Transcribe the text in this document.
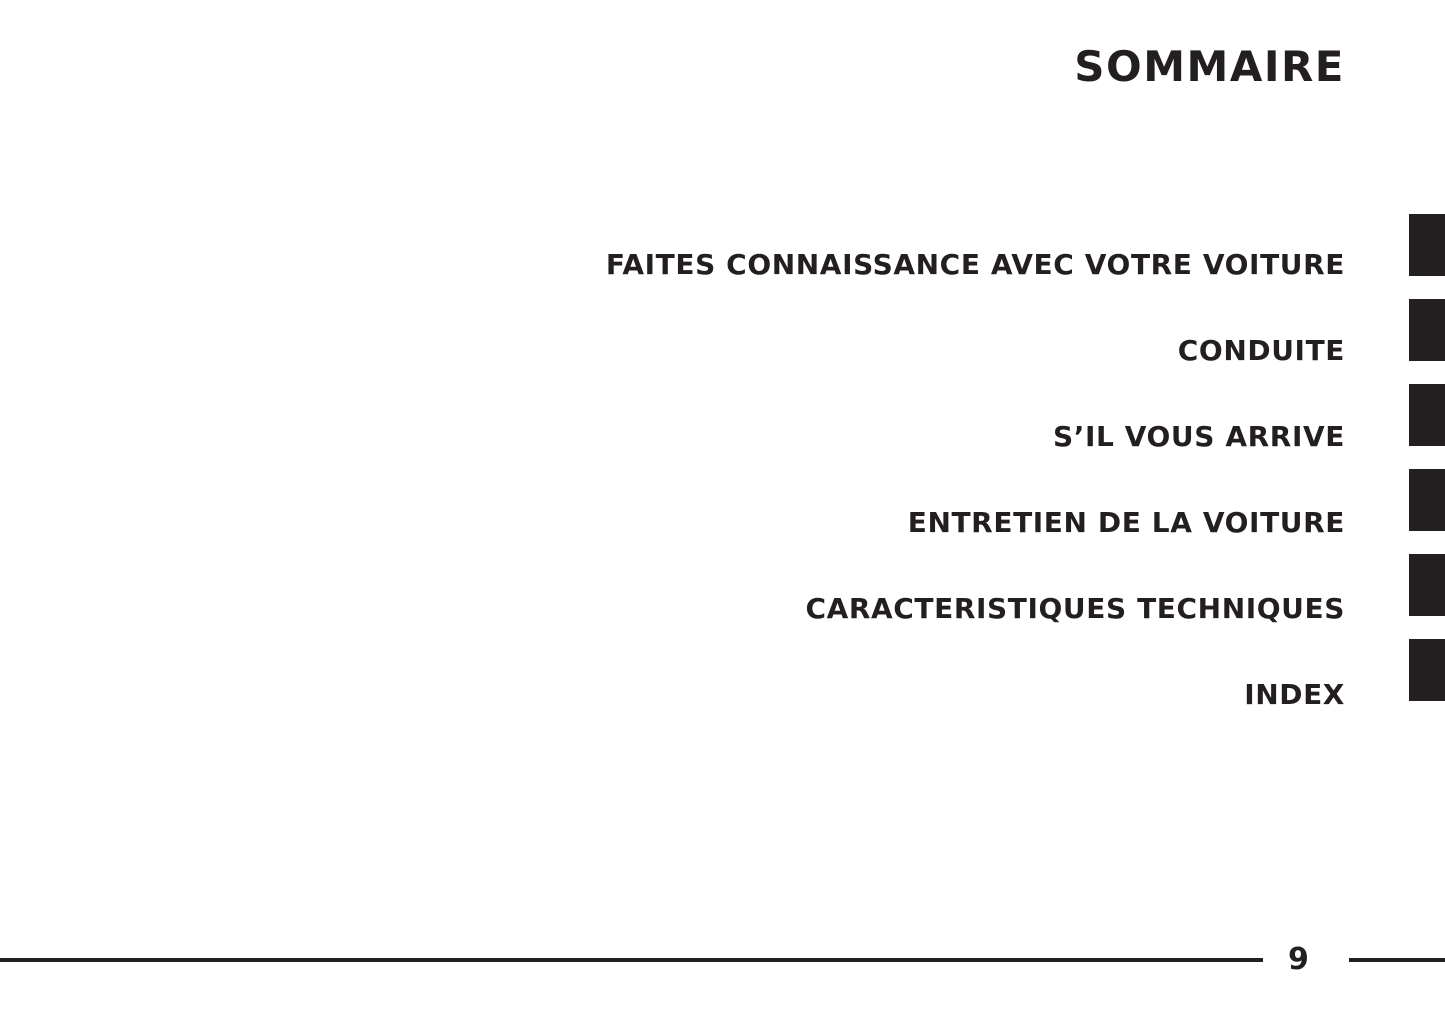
SOMMAIRE
FAITES CONNAISSANCE AVEC VOTRE VOITURE
CONDUITE
S’IL VOUS ARRIVE
ENTRETIEN DE LA VOITURE
CARACTERISTIQUES TECHNIQUES
INDEX
9
